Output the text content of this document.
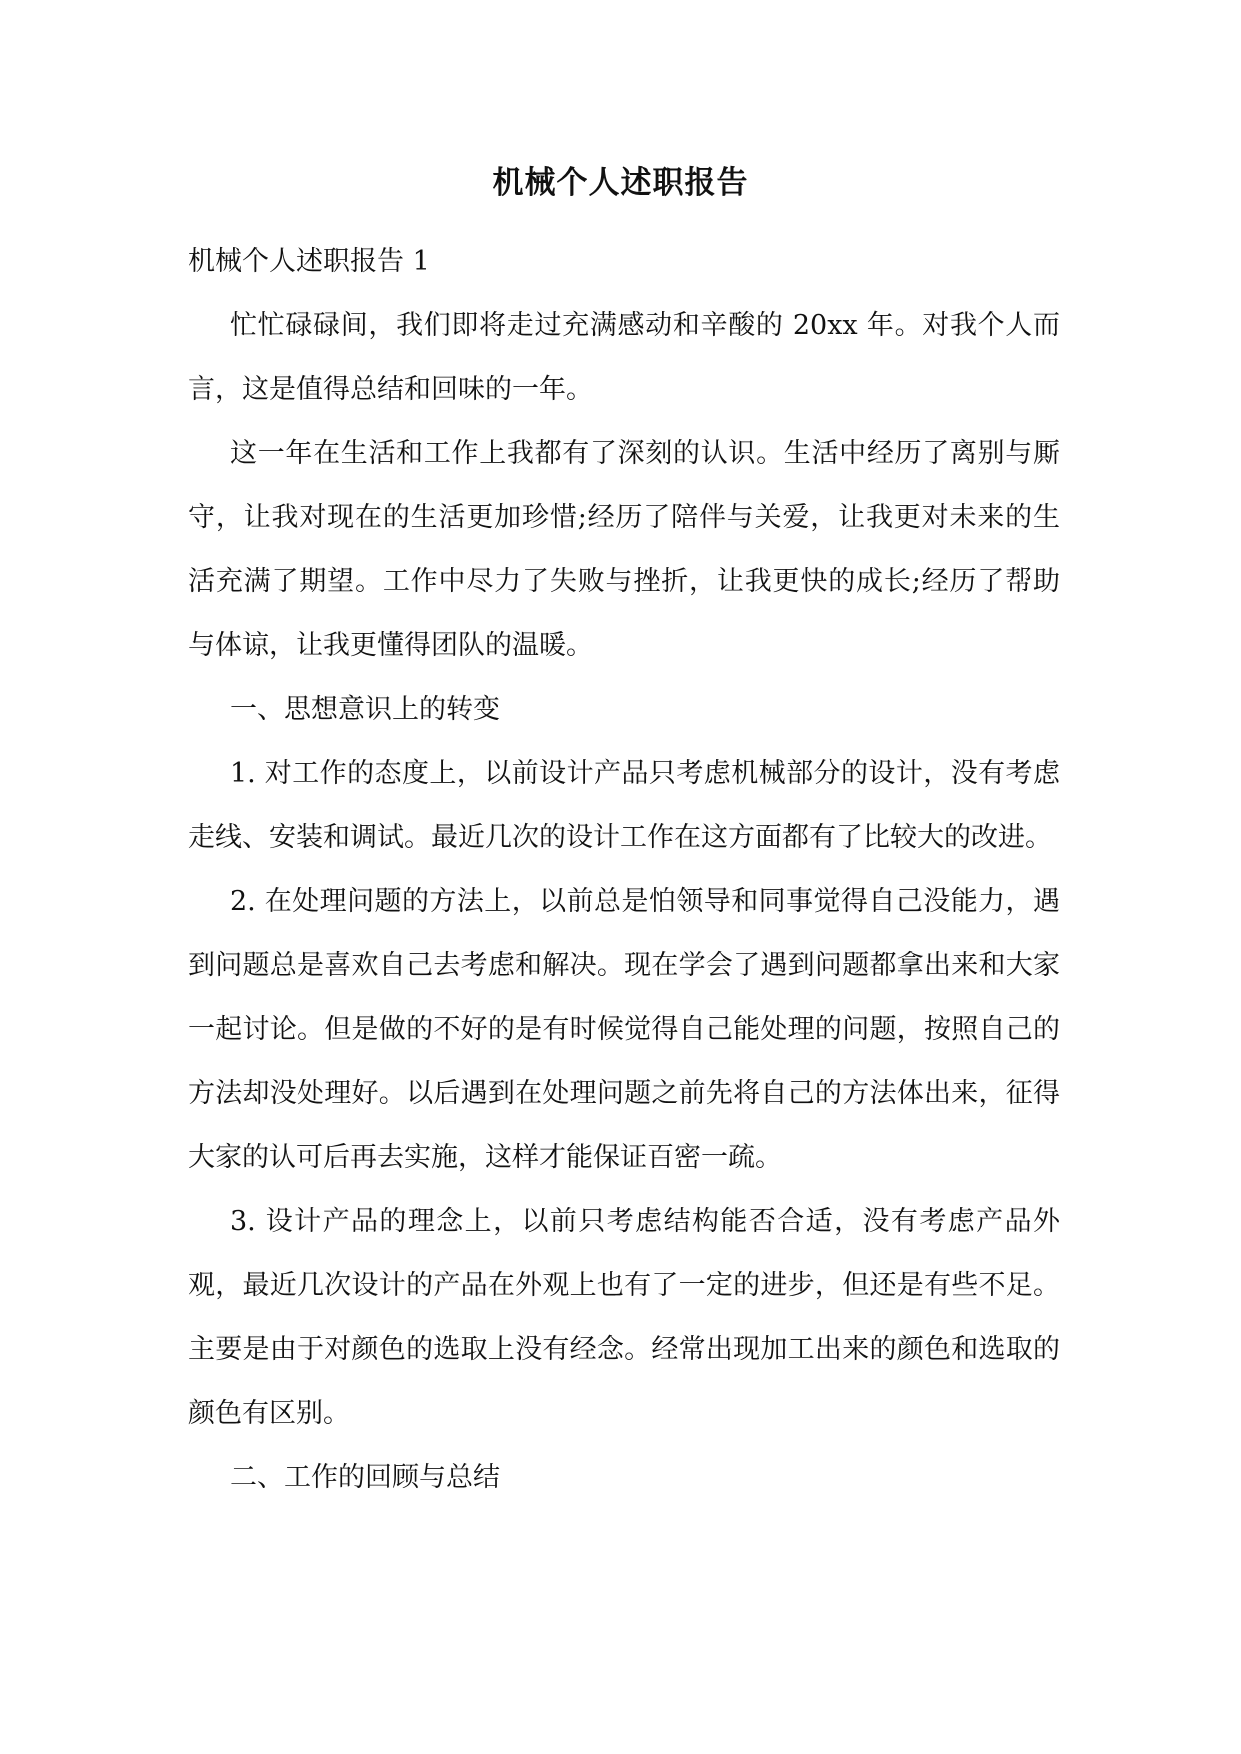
机械个人述职报告

机械个人述职报告 1

忙忙碌碌间，我们即将走过充满感动和辛酸的 20xx 年。对我个人而言，这是值得总结和回味的一年。

这一年在生活和工作上我都有了深刻的认识。生活中经历了离别与厮守，让我对现在的生活更加珍惜;经历了陪伴与关爱，让我更对未来的生活充满了期望。工作中尽力了失败与挫折，让我更快的成长;经历了帮助与体谅，让我更懂得团队的温暖。

一、思想意识上的转变

1. 对工作的态度上，以前设计产品只考虑机械部分的设计，没有考虑走线、安装和调试。最近几次的设计工作在这方面都有了比较大的改进。

2. 在处理问题的方法上，以前总是怕领导和同事觉得自己没能力，遇到问题总是喜欢自己去考虑和解决。现在学会了遇到问题都拿出来和大家一起讨论。但是做的不好的是有时候觉得自己能处理的问题，按照自己的方法却没处理好。以后遇到在处理问题之前先将自己的方法体出来，征得大家的认可后再去实施，这样才能保证百密一疏。

3. 设计产品的理念上，以前只考虑结构能否合适，没有考虑产品外观，最近几次设计的产品在外观上也有了一定的进步，但还是有些不足。主要是由于对颜色的选取上没有经念。经常出现加工出来的颜色和选取的颜色有区别。

二、工作的回顾与总结
